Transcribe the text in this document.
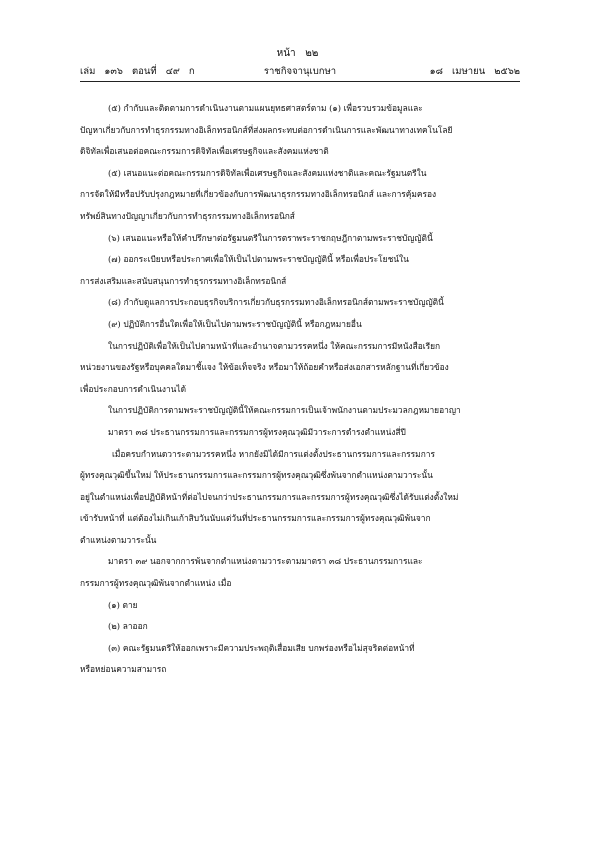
หน้า   ๒๒

ราชกิจจานุเบกษา

เล่ม   ๑๓๖   ตอนที่   ๔๙   ก

	๑๘   เมษายน   ๒๕๖๒

(๕) กำกับและติดตามการดำเนินงานตามแผนยุทธศาสตร์ตาม (๑) เพื่อรวบรวมข้อมูลและ
ปัญหาเกี่ยวกับการทำธุรกรรมทางอิเล็กทรอนิกส์ที่ส่งผลกระทบต่อการดำเนินการและพัฒนาทางเทคโนโลยี
ดิจิทัลเพื่อเสนอต่อคณะกรรมการดิจิทัลเพื่อเศรษฐกิจและสังคมแห่งชาติ
(๕) เสนอแนะต่อคณะกรรมการดิจิทัลเพื่อเศรษฐกิจและสังคมแห่งชาติและคณะรัฐมนตรีใน
การจัดให้มีหรือปรับปรุงกฎหมายที่เกี่ยวข้องกับการพัฒนาธุรกรรมทางอิเล็กทรอนิกส์ และการคุ้มครอง
ทรัพย์สินทางปัญญาเกี่ยวกับการทำธุรกรรมทางอิเล็กทรอนิกส์
(๖) เสนอแนะหรือให้คำปรึกษาต่อรัฐมนตรีในการตราพระราชกฤษฎีกาตามพระราชบัญญัตินี้
(๗) ออกระเบียบหรือประกาศเพื่อให้เป็นไปตามพระราชบัญญัตินี้ หรือเพื่อประโยชน์ใน
การส่งเสริมและสนับสนุนการทำธุรกรรมทางอิเล็กทรอนิกส์
(๘) กำกับดูแลการประกอบธุรกิจบริการเกี่ยวกับธุรกรรมทางอิเล็กทรอนิกส์ตามพระราชบัญญัตินี้
(๙) ปฏิบัติการอื่นใดเพื่อให้เป็นไปตามพระราชบัญญัตินี้ หรือกฎหมายอื่น
ในการปฏิบัติเพื่อให้เป็นไปตามหน้าที่และอำนาจตามวรรคหนึ่ง ให้คณะกรรมการมีหนังสือเรียก
หน่วยงานของรัฐหรือบุคคลใดมาชี้แจง ให้ข้อเท็จจริง หรือมาให้ถ้อยคำหรือส่งเอกสารหลักฐานที่เกี่ยวข้อง
เพื่อประกอบการดำเนินงานได้
ในการปฏิบัติการตามพระราชบัญญัตินี้ให้คณะกรรมการเป็นเจ้าพนักงานตามประมวลกฎหมายอาญา
มาตรา ๓๘ ประธานกรรมการและกรรมการผู้ทรงคุณวุฒิมีวาระการดำรงตำแหน่งสี่ปี
เมื่อครบกำหนดวาระตามวรรคหนึ่ง หากยังมิได้มีการแต่งตั้งประธานกรรมการและกรรมการ
ผู้ทรงคุณวุฒิขึ้นใหม่ ให้ประธานกรรมการและกรรมการผู้ทรงคุณวุฒิซึ่งพ้นจากตำแหน่งตามวาระนั้น
อยู่ในตำแหน่งเพื่อปฏิบัติหน้าที่ต่อไปจนกว่าประธานกรรมการและกรรมการผู้ทรงคุณวุฒิซึ่งได้รับแต่งตั้งใหม่
เข้ารับหน้าที่ แต่ต้องไม่เกินเก้าสิบวันนับแต่วันที่ประธานกรรมการและกรรมการผู้ทรงคุณวุฒิพ้นจาก
ตำแหน่งตามวาระนั้น
มาตรา ๓๙ นอกจากการพ้นจากตำแหน่งตามวาระตามมาตรา ๓๘ ประธานกรรมการและ
กรรมการผู้ทรงคุณวุฒิพ้นจากตำแหน่ง เมื่อ
(๑) ตาย
(๒) ลาออก
(๓) คณะรัฐมนตรีให้ออกเพราะมีความประพฤติเสื่อมเสีย บกพร่องหรือไม่สุจริตต่อหน้าที่
หรือหย่อนความสามารถ
